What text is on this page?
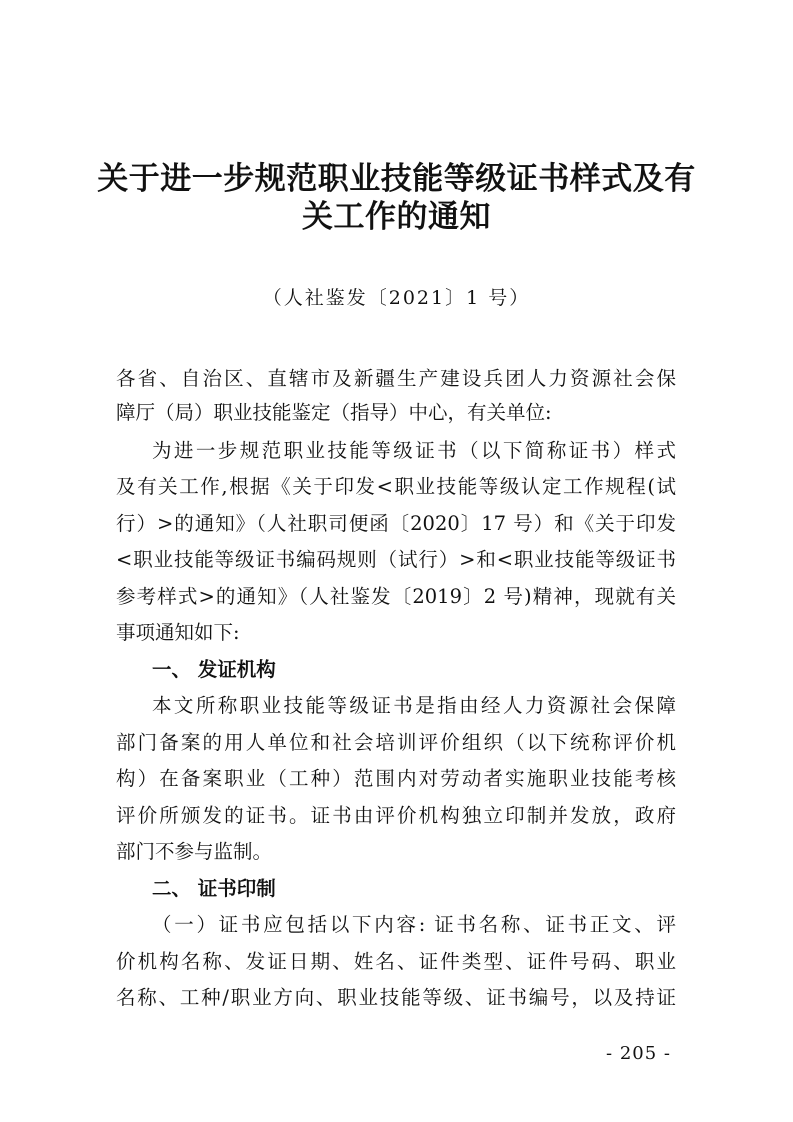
关于进一步规范职业技能等级证书样式及有
关工作的通知
（人社鉴发〔2021〕1 号）
各省、自治区、直辖市及新疆生产建设兵团人力资源社会保
障厅（局）职业技能鉴定（指导）中心，有关单位:
为进一步规范职业技能等级证书（以下简称证书）样式
及有关工作,根据《关于印发<职业技能等级认定工作规程(试
行）>的通知》（人社职司便函〔2020〕17 号）和《关于印发
<职业技能等级证书编码规则（试行）>和<职业技能等级证书
参考样式>的通知》（人社鉴发〔2019〕2 号)精神，现就有关
事项通知如下:
一、 发证机构
本文所称职业技能等级证书是指由经人力资源社会保障
部门备案的用人单位和社会培训评价组织（以下统称评价机
构）在备案职业（工种）范围内对劳动者实施职业技能考核
评价所颁发的证书。证书由评价机构独立印制并发放，政府
部门不参与监制。
二、 证书印制
（一）证书应包括以下内容: 证书名称、证书正文、评
价机构名称、发证日期、姓名、证件类型、证件号码、职业
名称、工种/职业方向、职业技能等级、证书编号，以及持证
- 205 -
